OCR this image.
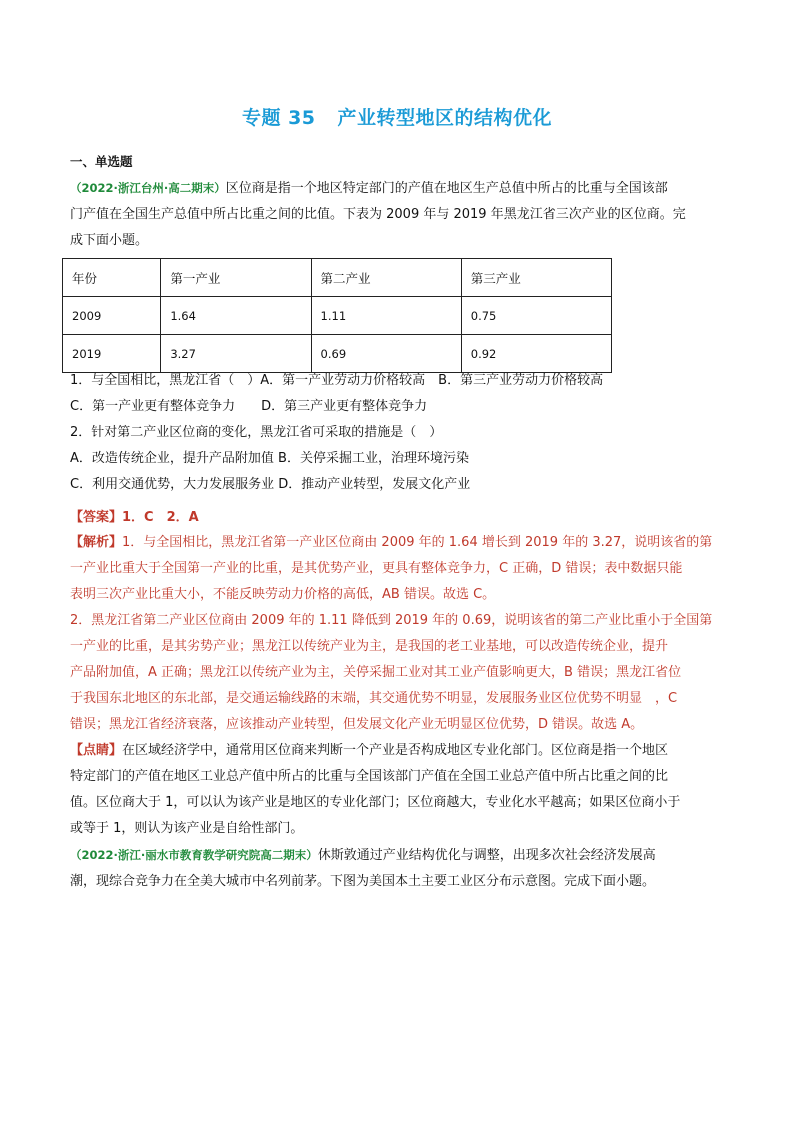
专题 35 产业转型地区的结构优化
一、单选题
（2022·浙江台州·高二期末）区位商是指一个地区特定部门的产值在地区生产总值中所占的比重与全国该部
门产值在全国生产总值中所占比重之间的比值。下表为 2009 年与 2019 年黑龙江省三次产业的区位商。完
成下面小题。
年份	第一产业	第二产业	第三产业
2009	1.64	1.11	0.75
2019	3.27	0.69	0.92
1．与全国相比，黑龙江省（　）A．第一产业劳动力价格较高　B．第三产业劳动力价格较高
C．第一产业更有整体竞争力　　D．第三产业更有整体竞争力
2．针对第二产业区位商的变化，黑龙江省可采取的措施是（　）
A．改造传统企业，提升产品附加值 B．关停采掘工业，治理环境污染
C．利用交通优势，大力发展服务业 D．推动产业转型，发展文化产业
【答案】1．C　2．A
【解析】1．与全国相比，黑龙江省第一产业区位商由 2009 年的 1.64 增长到 2019 年的 3.27，说明该省的第
一产业比重大于全国第一产业的比重，是其优势产业，更具有整体竞争力，C 正确，D 错误；表中数据只能
表明三次产业比重大小，不能反映劳动力价格的高低，AB 错误。故选 C。
2．黑龙江省第二产业区位商由 2009 年的 1.11 降低到 2019 年的 0.69，说明该省的第二产业比重小于全国第
一产业的比重，是其劣势产业；黑龙江以传统产业为主，是我国的老工业基地，可以改造传统企业，提升
产品附加值，A 正确；黑龙江以传统产业为主，关停采掘工业对其工业产值影响更大，B 错误；黑龙江省位
于我国东北地区的东北部，是交通运输线路的末端，其交通优势不明显，发展服务业区位优势不明显　，C
错误；黑龙江省经济衰落，应该推动产业转型，但发展文化产业无明显区位优势，D 错误。故选 A。
【点睛】在区域经济学中，通常用区位商来判断一个产业是否构成地区专业化部门。区位商是指一个地区
特定部门的产值在地区工业总产值中所占的比重与全国该部门产值在全国工业总产值中所占比重之间的比
值。区位商大于 1，可以认为该产业是地区的专业化部门；区位商越大，专业化水平越高；如果区位商小于
或等于 1，则认为该产业是自给性部门。
（2022·浙江·丽水市教育教学研究院高二期末）休斯敦通过产业结构优化与调整，出现多次社会经济发展高
潮，现综合竞争力在全美大城市中名列前茅。下图为美国本土主要工业区分布示意图。完成下面小题。
